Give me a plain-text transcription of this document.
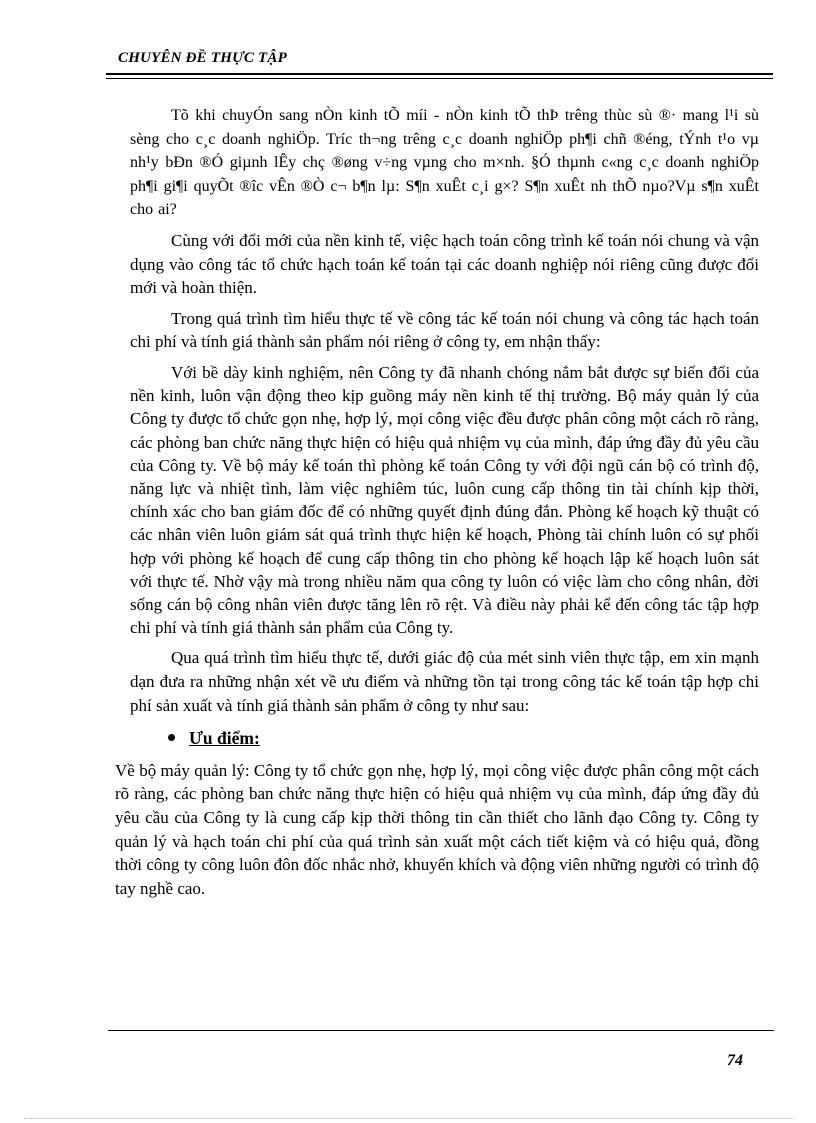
CHUYÊN ĐỀ THỰC TẬP

Tõ khi chuyÓn sang nÒn kinh tÕ míi - nÒn kinh tÕ thÞ trêng thùc sù ®· mang l¹i sù sèng cho c¸c doanh nghiÖp. Tríc th¬ng trêng c¸c doanh nghiÖp ph¶i chñ ®éng, tÝnh t¹o vµ nh¹y bÐn ®Ó giµnh lÊy chç ®øng v÷ng vµng cho m×nh. §Ó thµnh c«ng c¸c doanh nghiÖp ph¶i gi¶i quyÕt ®îc vÊn ®Ò c¬ b¶n lµ: S¶n xuÊt c¸i g×? S¶n xuÊt nh thÕ nµo?Vµ s¶n xuÊt cho ai?

Cùng với đổi mới của nền kinh tế, việc hạch toán công trình kế toán nói chung và vận dụng vào công tác tổ chức hạch toán kế toán tại các doanh nghiệp nói riêng cũng được đổi mới và hoàn thiện.

Trong quá trình tìm hiểu thực tế về công tác kế toán nói chung và công tác hạch toán chi phí và tính giá thành sản phẩm nói riêng ở công ty, em nhận thấy:

Với bề dày kinh nghiệm, nên Công ty đã nhanh chóng nắm bắt được sự biến đổi của nền kinh, luôn vận động theo kịp guồng máy nền kinh tế thị trường. Bộ máy quản lý của Công ty được tổ chức gọn nhẹ, hợp lý, mọi công việc đều được phân công một cách rõ ràng, các phòng ban chức năng thực hiện có hiệu quả nhiệm vụ của mình, đáp ứng đầy đủ yêu cầu của Công ty. Về bộ máy kế toán thì phòng kế toán Công ty với đội ngũ cán bộ có trình độ, năng lực và nhiệt tình, làm việc nghiêm túc, luôn cung cấp thông tin tài chính kịp thời, chính xác cho ban giám đốc để có những quyết định đúng đắn. Phòng kế hoạch kỹ thuật có các nhân viên luôn giám sát quá trình thực hiện kế hoạch, Phòng tài chính luôn có sự phối hợp với phòng kế hoạch để cung cấp thông tin cho phòng kế hoạch lập kế hoạch luôn sát với thực tế. Nhờ vậy mà trong nhiều năm qua công ty luôn có việc làm cho công nhân, đời sống cán bộ công nhân viên được tăng lên rõ rệt. Và điều này phải kể đến công tác tập hợp chi phí và tính giá thành sản phẩm của Công ty.

Qua quá trình tìm hiểu thực tế, dưới giác độ của mét sinh viên thực tập, em xin mạnh dạn đưa ra những nhận xét về ưu điểm và những tồn tại trong công tác kế toán tập hợp chi phí sản xuất và tính giá thành sản phẩm ở công ty như sau:

Ưu điểm:

Về bộ máy quản lý: Công ty tổ chức gọn nhẹ, hợp lý, mọi công việc được phân công một cách rõ ràng, các phòng ban chức năng thực hiện có hiệu quả nhiệm vụ của mình, đáp ứng đầy đủ yêu cầu của Công ty là cung cấp kịp thời thông tin cần thiết cho lãnh đạo Công ty. Công ty quản lý và hạch toán chi phí của quá trình sản xuất một cách tiết kiệm và có hiệu quả, đồng thời công ty công luôn đôn đốc nhắc nhở, khuyến khích và động viên những người có trình độ tay nghề cao.

74
